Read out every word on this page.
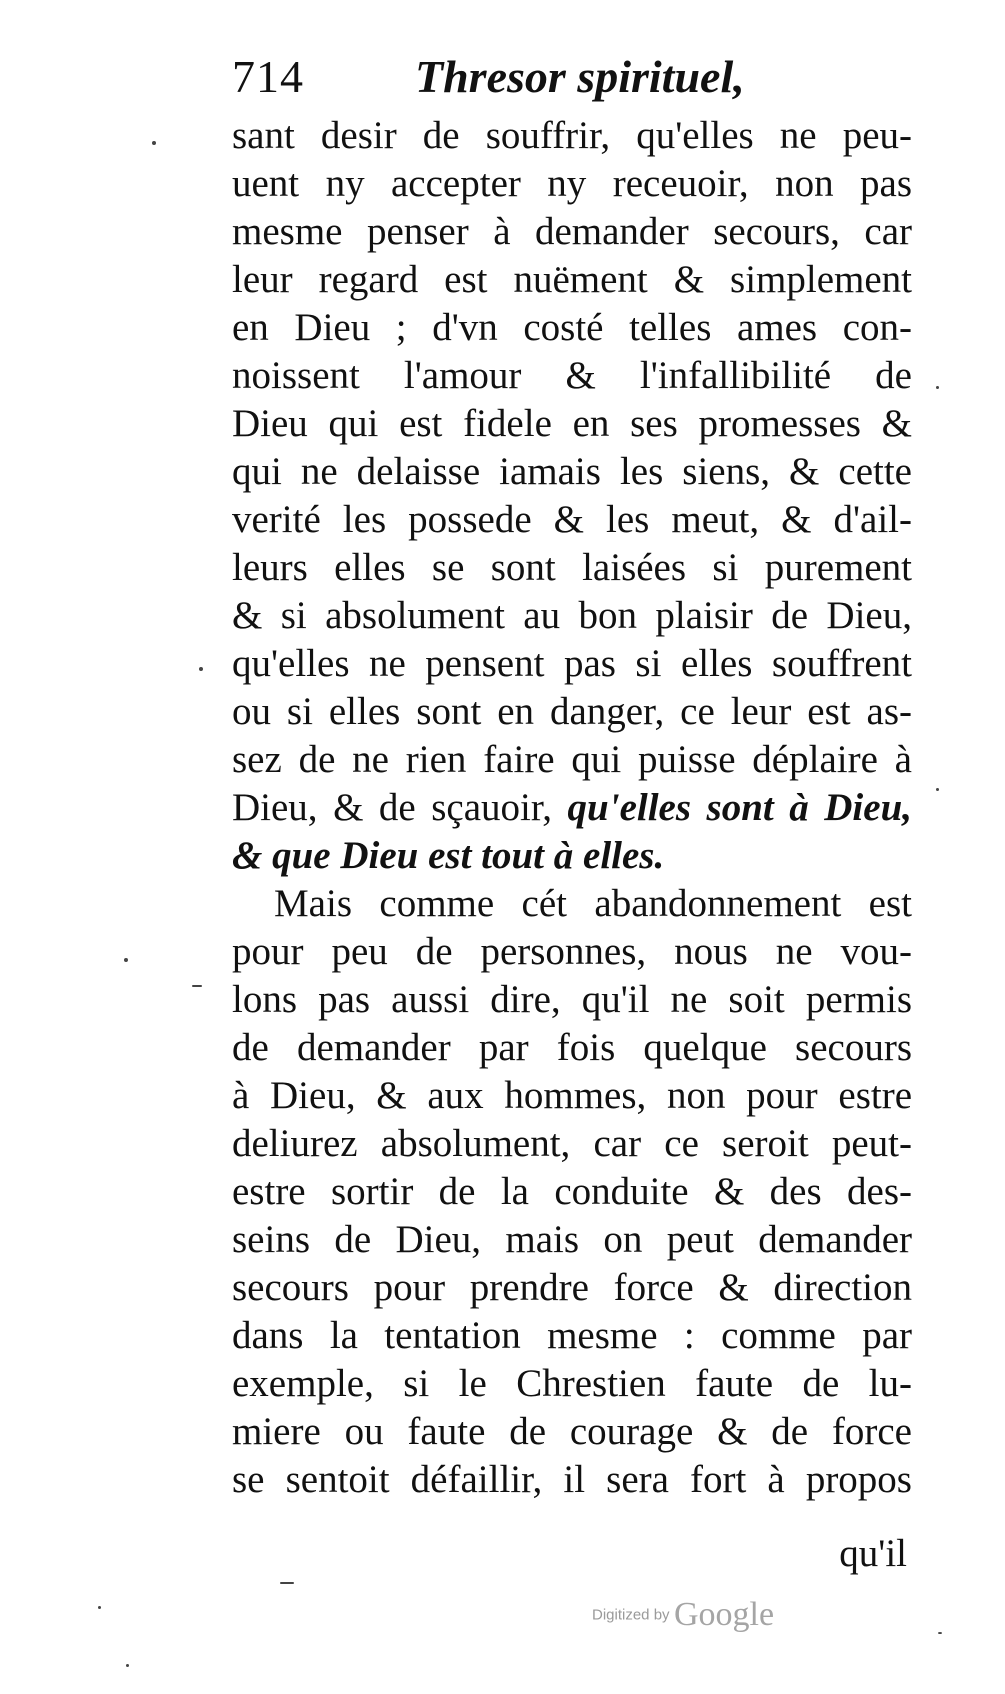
714 Thresor spirituel,
sant desir de souffrir, qu'elles ne peu-
uent ny accepter ny receuoir, non pas
mesme penser à demander secours, car
leur regard est nuëment & simplement
en Dieu ; d'vn costé telles ames con-
noissent l'amour & l'infallibilité de
Dieu qui est fidele en ses promesses &
qui ne delaisse iamais les siens, & cette
verité les possede & les meut, & d'ail-
leurs elles se sont laisées si purement
& si absolument au bon plaisir de Dieu,
qu'elles ne pensent pas si elles souffrent
ou si elles sont en danger, ce leur est as-
sez de ne rien faire qui puisse déplaire à
Dieu, & de sçauoir, qu'elles sont à Dieu,
& que Dieu est tout à elles.
Mais comme cét abandonnement est
pour peu de personnes, nous ne vou-
lons pas aussi dire, qu'il ne soit permis
de demander par fois quelque secours
à Dieu, & aux hommes, non pour estre
deliurez absolument, car ce seroit peut-
estre sortir de la conduite & des des-
seins de Dieu, mais on peut demander
secours pour prendre force & direction
dans la tentation mesme : comme par
exemple, si le Chrestien faute de lu-
miere ou faute de courage & de force
se sentoit défaillir, il sera fort à propos
qu'il
Digitized by Google
